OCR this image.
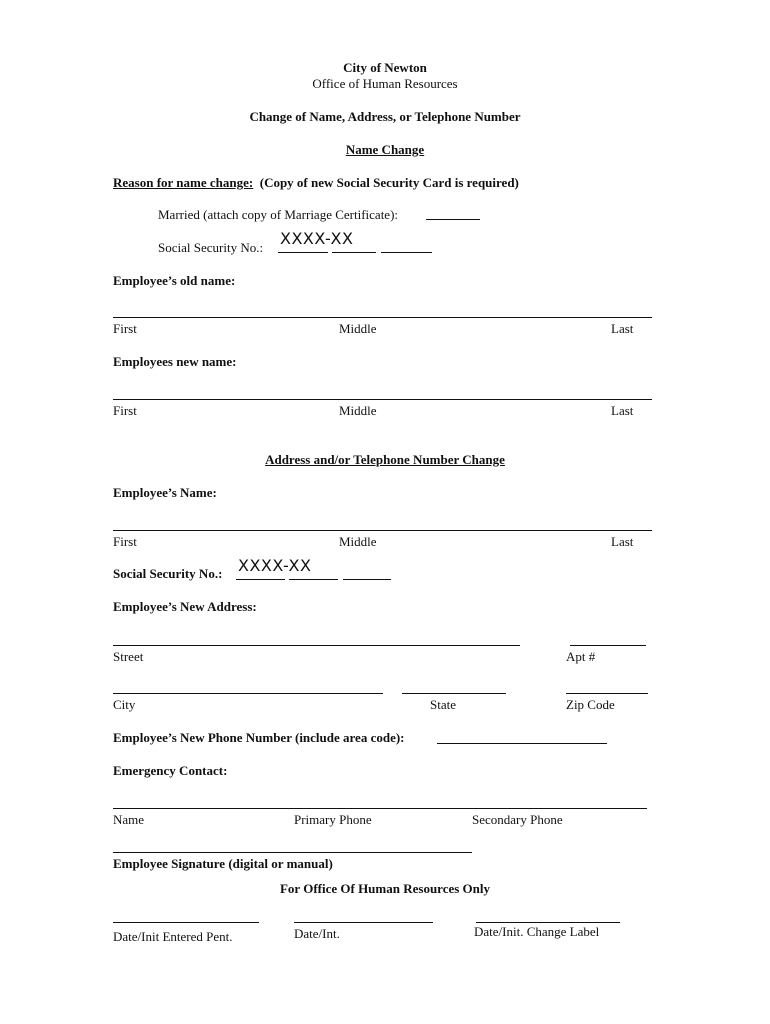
City of Newton
Office of Human Resources
Change of Name, Address, or Telephone Number
Name Change
Reason for name change: (Copy of new Social Security Card is required)
Married (attach copy of Marriage Certificate):
Social Security No.: XXXX-XX
Employee’s old name:
First	Middle	Last
Employees new name:
First	Middle	Last
Address and/or Telephone Number Change
Employee’s Name:
First	Middle	Last
Social Security No.: XXXX-XX
Employee’s New Address:
Street	Apt #
City	State	Zip Code
Employee’s New Phone Number (include area code):
Emergency Contact:
Name	Primary Phone	Secondary Phone
Employee Signature (digital or manual)
For Office Of Human Resources Only
Date/Init Entered Pent.	Date/Int.	Date/Init. Change Label
